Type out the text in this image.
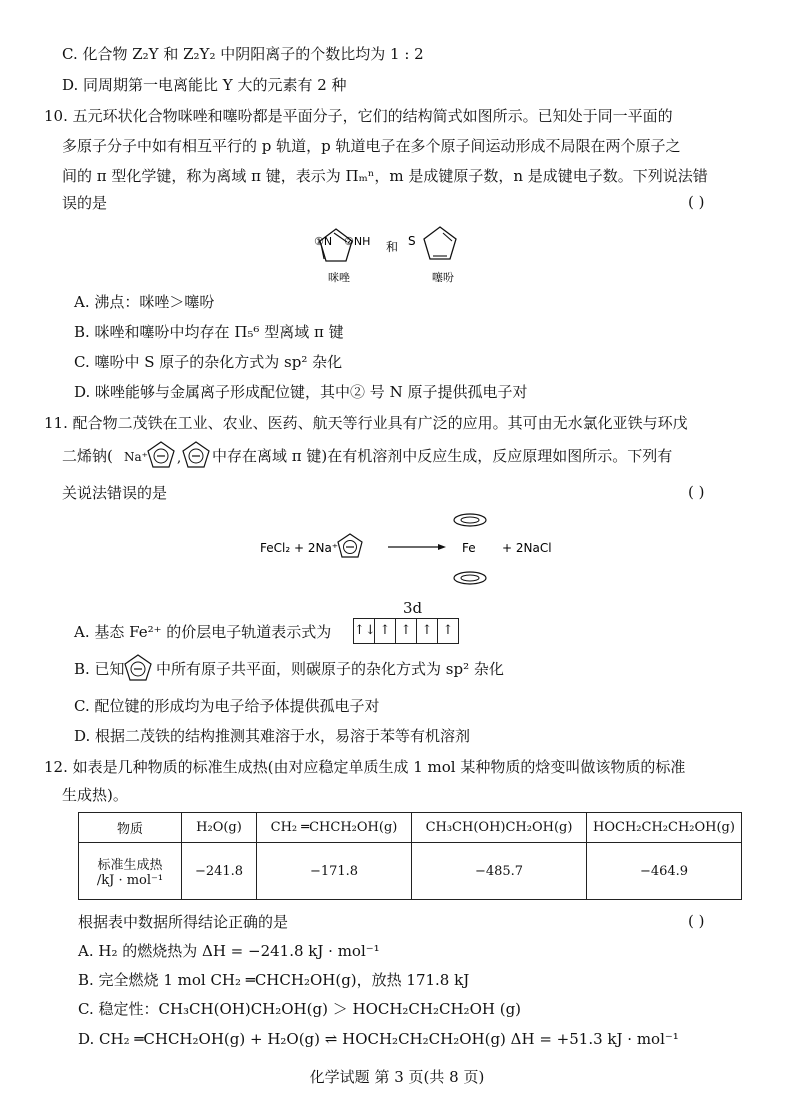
C. 化合物 Z₂Y 和 Z₂Y₂ 中阴阳离子的个数比均为 1 : 2
D. 同周期第一电离能比 Y 大的元素有 2 种
10. 五元环状化合物咪唑和噻吩都是平面分子，它们的结构简式如图所示。已知处于同一平面的
多原子分子中如有相互平行的 p 轨道，p 轨道电子在多个原子间运动形成不局限在两个原子之
间的 π 型化学键，称为离域 π 键，表示为 Πₘⁿ，m 是成键原子数，n 是成键电子数。下列说法错
误的是	( )
①N ②NH
咪唑
和 S
噻吩
A. 沸点：咪唑＞噻吩
B. 咪唑和噻吩中均存在 Π₅⁶ 型离域 π 键
C. 噻吩中 S 原子的杂化方式为 sp² 杂化
D. 咪唑能够与金属离子形成配位键，其中② 号 N 原子提供孤电子对
11. 配合物二茂铁在工业、农业、医药、航天等行业具有广泛的应用。其可由无水氯化亚铁与环戊
二烯钠( Na⁺ , 中存在离域 π 键)在有机溶剂中反应生成，反应原理如图所示。下列有
关说法错误的是	( )
FeCl₂ + 2Na⁺	Fe + 2NaCl
3d
A. 基态 Fe²⁺ 的价层电子轨道表示式为 ↑↓ ↑ ↑ ↑ ↑
B. 已知 中所有原子共平面，则碳原子的杂化方式为 sp² 杂化
C. 配位键的形成均为电子给予体提供孤电子对
D. 根据二茂铁的结构推测其难溶于水，易溶于苯等有机溶剂
12. 如表是几种物质的标准生成热(由对应稳定单质生成 1 mol 某种物质的焓变叫做该物质的标准
生成热)。
物质	H₂O(g)	CH₂ ═CHCH₂OH(g)	CH₃CH(OH)CH₂OH(g)	HOCH₂CH₂CH₂OH(g)

标准生成热
/kJ · mol⁻¹	−241.8	−171.8	−485.7	−464.9
根据表中数据所得结论正确的是	( )
A. H₂ 的燃烧热为 ΔH = −241.8 kJ · mol⁻¹
B. 完全燃烧 1 mol CH₂ ═CHCH₂OH(g)，放热 171.8 kJ
C. 稳定性：CH₃CH(OH)CH₂OH(g) ＞ HOCH₂CH₂CH₂OH (g)
D. CH₂ ═CHCH₂OH(g) + H₂O(g) ⇌ HOCH₂CH₂CH₂OH(g) ΔH = +51.3 kJ · mol⁻¹
化学试题 第 3 页(共 8 页)
